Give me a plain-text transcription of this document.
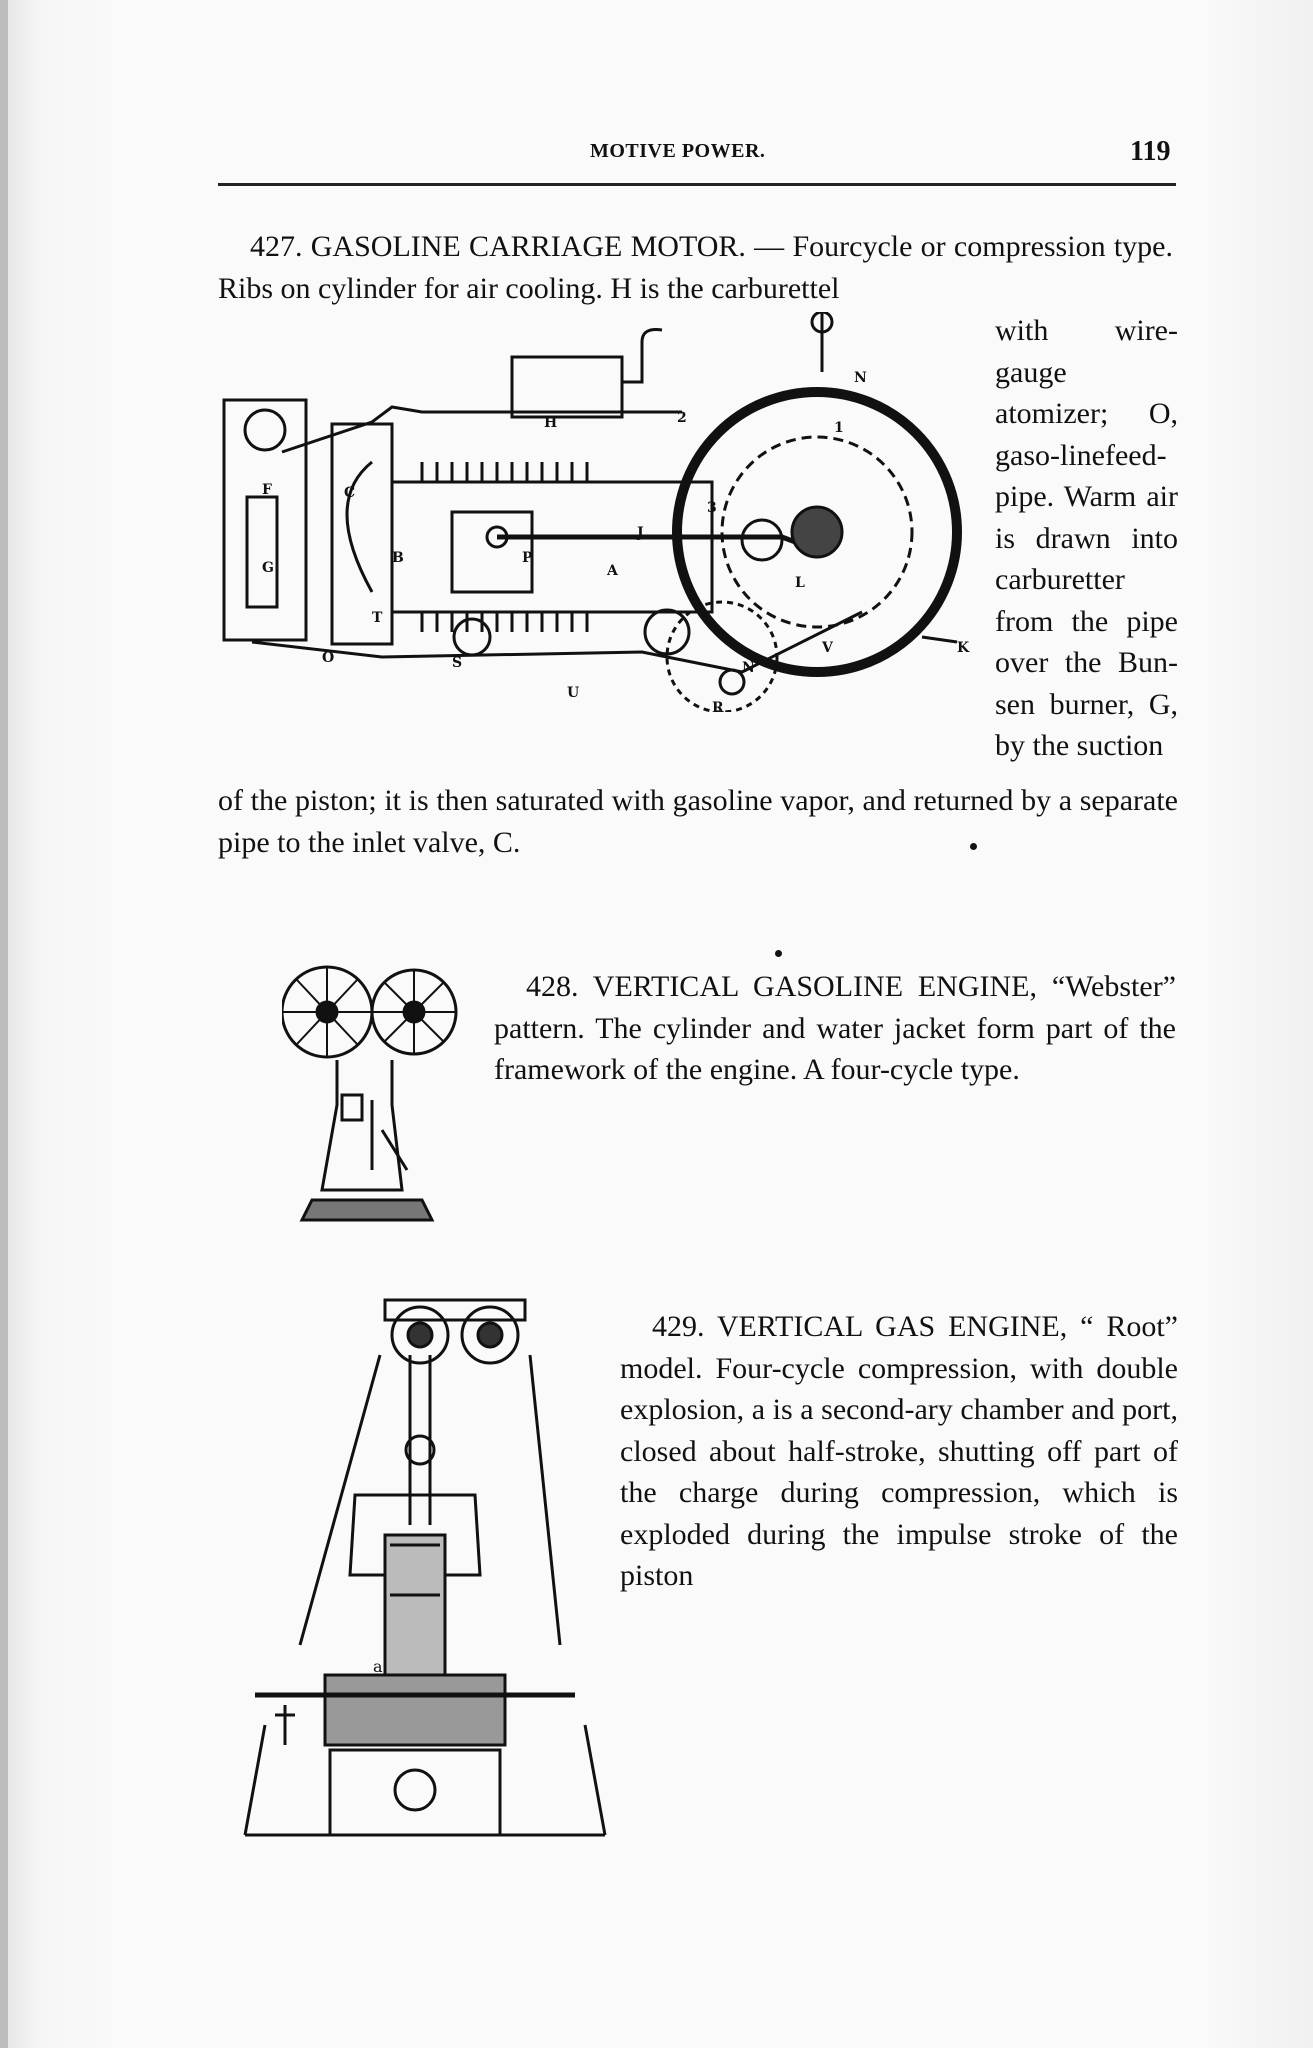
MOTIVE POWER.	119
H
C
B	P
A
J
N
1
2
3
L
V	K
S
U
O
T
F
G
N'
R

427. GASOLINE CARRIAGE MOTOR. — Fourcycle or compression type. Ribs on cylinder for air cooling. H is the carburettel

with wire-gauge atomizer; O, gaso-linefeed-pipe. Warm air is drawn into carburetter from the pipe over the Bun-sen burner, G, by the suction

of the piston; it is then saturated with gasoline vapor, and returned by a separate pipe to the inlet valve, C.

428. VERTICAL GASOLINE ENGINE, “Webster” pattern. The cylinder and water jacket form part of the framework of the engine. A four-cycle type.

a

429. VERTICAL GAS ENGINE, “ Root” model. Four-cycle compression, with double explosion, a is a second-ary chamber and port, closed about half-stroke, shutting off part of the charge during compression, which is exploded during the impulse stroke of the piston
